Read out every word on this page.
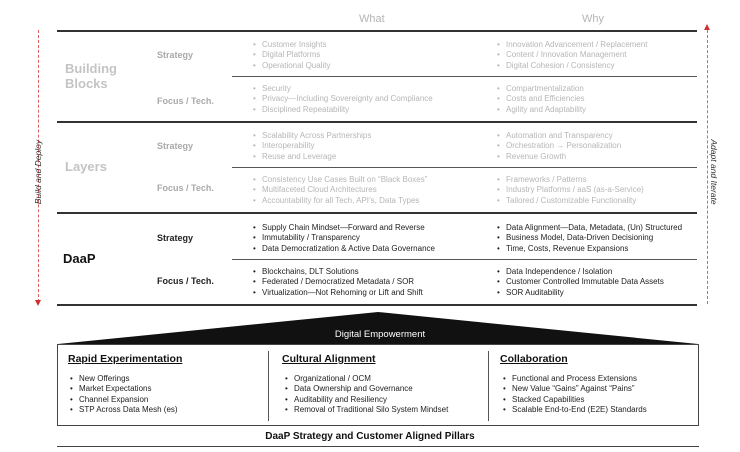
What	Why
Build and Deploy	Adapt and Iterate
Building Blocks
Strategy
• Customer Insights
• Digital Platforms
• Operational Quality
• Innovation Advancement / Replacement
• Content / Innovation Management
• Digital Cohesion / Consistency
Focus / Tech.
• Security
• Privacy—Including Sovereignty and Compliance
• Disciplined Repeatability
• Compartmentalization
• Costs and Efficiencies
• Agility and Adaptability
Layers
Strategy
• Scalability Across Partnerships
• Interoperability
• Reuse and Leverage
• Automation and Transparency
• Orchestration → Personalization
• Revenue Growth
Focus / Tech.
• Consistency Use Cases Built on “Black Boxes”
• Multifaceted Cloud Architectures
• Accountability for all Tech, API’s, Data Types
• Frameworks / Patterns
• Industry Platforms / aaS (as-a-Service)
• Tailored / Customizable Functionality
DaaP
Strategy
• Supply Chain Mindset—Forward and Reverse
• Immutability / Transparency
• Data Democratization & Active Data Governance
• Data Alignment—Data, Metadata, (Un) Structured
• Business Model, Data-Driven Decisioning
• Time, Costs, Revenue Expansions
Focus / Tech.
• Blockchains, DLT Solutions
• Federated / Democratized Metadata / SOR
• Virtualization—Not Rehoming or Lift and Shift
• Data Independence / Isolation
• Customer Controlled Immutable Data Assets
• SOR Auditability
Digital Empowerment
Rapid Experimentation
• New Offerings
• Market Expectations
• Channel Expansion
• STP Across Data Mesh (es)
Cultural Alignment
• Organizational / OCM
• Data Ownership and Governance
• Auditability and Resiliency
• Removal of Traditional Silo System Mindset
Collaboration
• Functional and Process Extensions
• New Value “Gains” Against “Pains”
• Stacked Capabilities
• Scalable End-to-End (E2E) Standards
DaaP Strategy and Customer Aligned Pillars
